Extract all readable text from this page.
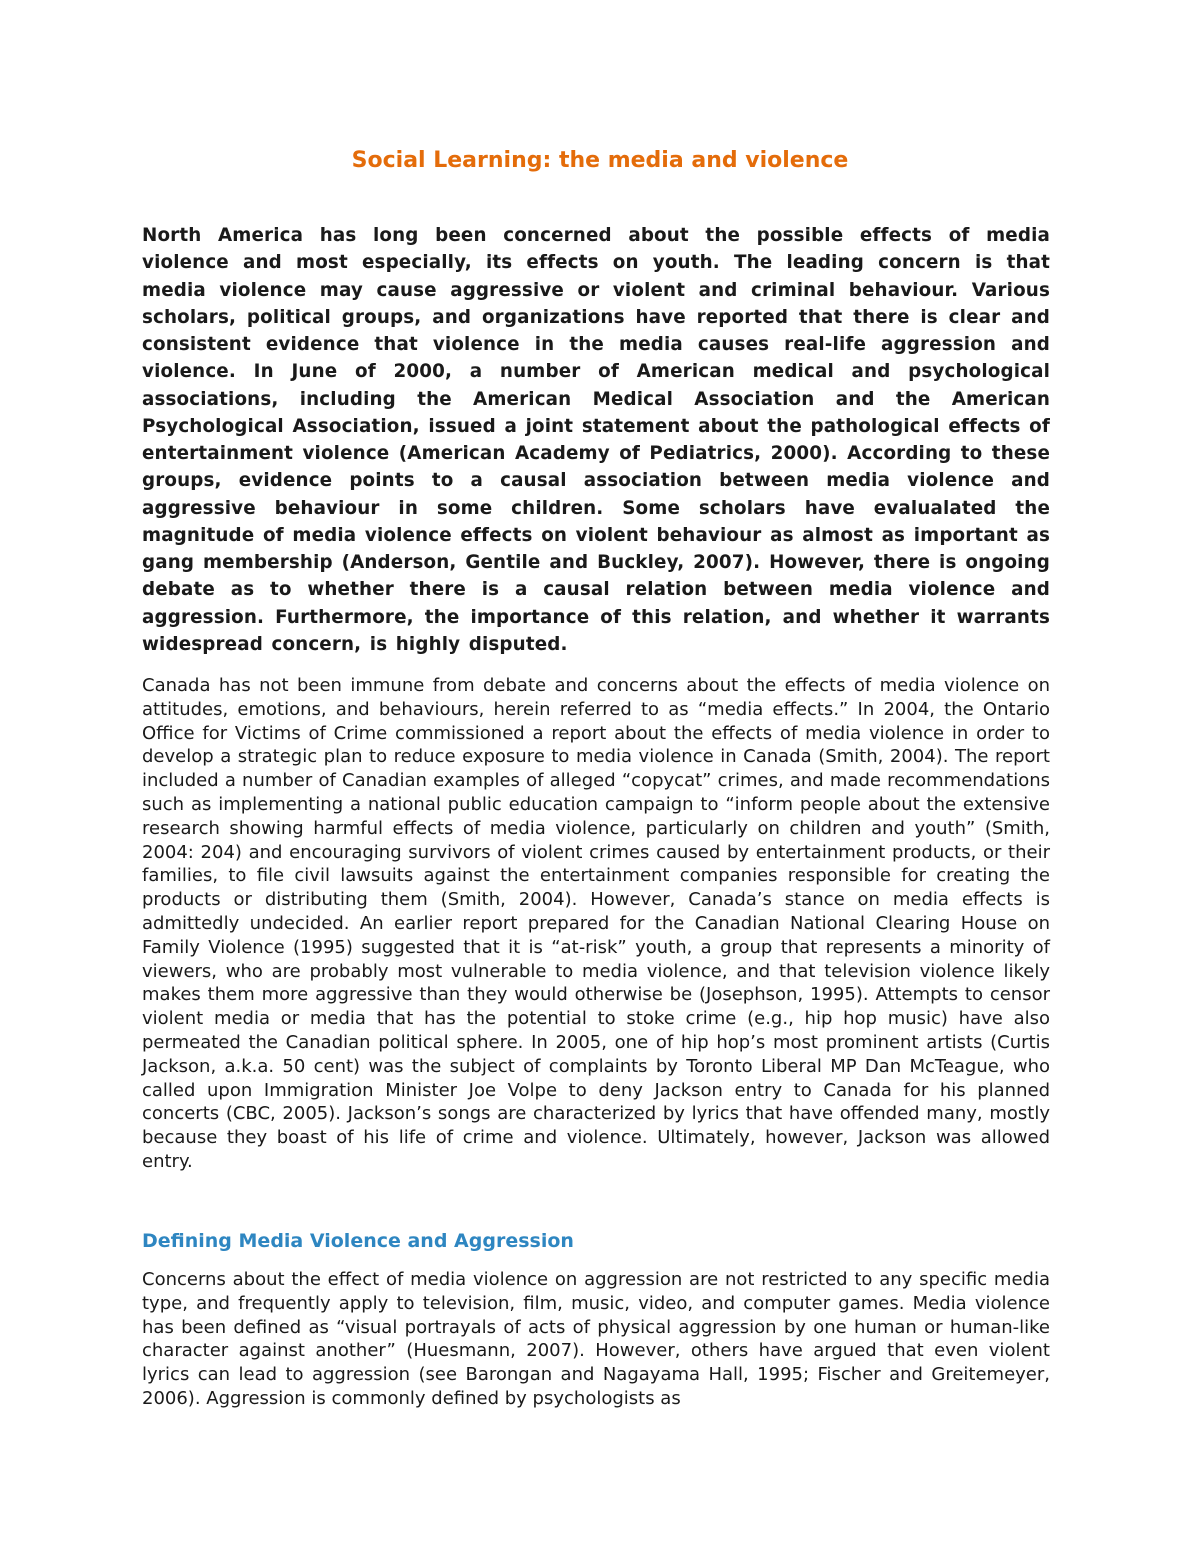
Social Learning: the media and violence

North America has long been concerned about the possible effects of media violence and most especially, its effects on youth. The leading concern is that media violence may cause aggressive or violent and criminal behaviour. Various scholars, political groups, and organizations have reported that there is clear and consistent evidence that violence in the media causes real-life aggression and violence. In June of 2000, a number of American medical and psychological associations, including the American Medical Association and the American Psychological Association, issued a joint statement about the pathological effects of entertainment violence (American Academy of Pediatrics, 2000). According to these groups, evidence points to a causal association between media violence and aggressive behaviour in some children. Some scholars have evalualated the magnitude of media violence effects on violent behaviour as almost as important as gang membership (Anderson, Gentile and Buckley, 2007). However, there is ongoing debate as to whether there is a causal relation between media violence and aggression. Furthermore, the importance of this relation, and whether it warrants widespread concern, is highly disputed.

Canada has not been immune from debate and concerns about the effects of media violence on attitudes, emotions, and behaviours, herein referred to as “media effects.” In 2004, the Ontario Office for Victims of Crime commissioned a report about the effects of media violence in order to develop a strategic plan to reduce exposure to media violence in Canada (Smith, 2004). The report included a number of Canadian examples of alleged “copycat” crimes, and made recommendations such as implementing a national public education campaign to “inform people about the extensive research showing harmful effects of media violence, particularly on children and youth” (Smith, 2004: 204) and encouraging survivors of violent crimes caused by entertainment products, or their families, to file civil lawsuits against the entertainment companies responsible for creating the products or distributing them (Smith, 2004). However, Canada’s stance on media effects is admittedly undecided. An earlier report prepared for the Canadian National Clearing House on Family Violence (1995) suggested that it is “at-risk” youth, a group that represents a minority of viewers, who are probably most vulnerable to media violence, and that television violence likely makes them more aggressive than they would otherwise be (Josephson, 1995). Attempts to censor violent media or media that has the potential to stoke crime (e.g., hip hop music) have also permeated the Canadian political sphere. In 2005, one of hip hop’s most prominent artists (Curtis Jackson, a.k.a. 50 cent) was the subject of complaints by Toronto Liberal MP Dan McTeague, who called upon Immigration Minister Joe Volpe to deny Jackson entry to Canada for his planned concerts (CBC, 2005). Jackson’s songs are characterized by lyrics that have offended many, mostly because they boast of his life of crime and violence. Ultimately, however, Jackson was allowed entry.

Defining Media Violence and Aggression

Concerns about the effect of media violence on aggression are not restricted to any specific media type, and frequently apply to television, film, music, video, and computer games. Media violence has been defined as “visual portrayals of acts of physical aggression by one human or human-like character against another” (Huesmann, 2007). However, others have argued that even violent lyrics can lead to aggression (see Barongan and Nagayama Hall, 1995; Fischer and Greitemeyer, 2006). Aggression is commonly defined by psychologists as
